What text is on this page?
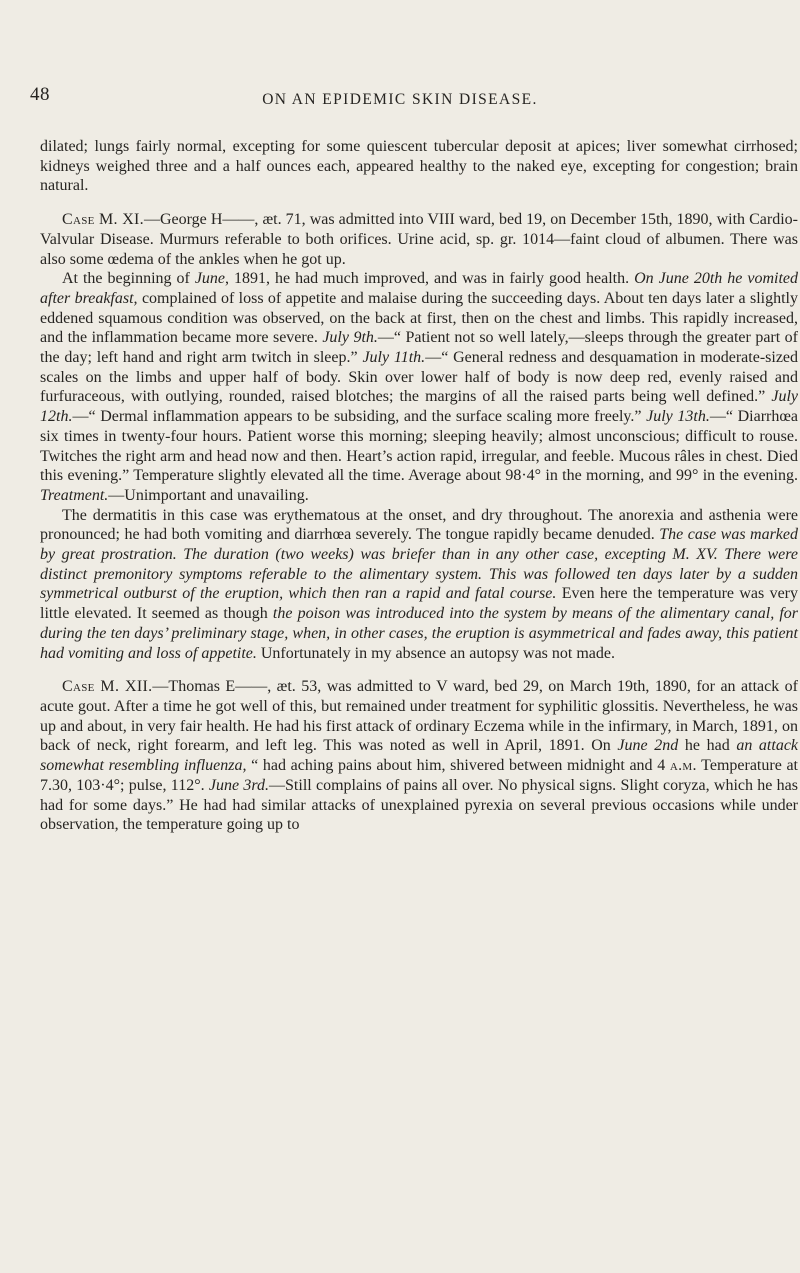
48	ON AN EPIDEMIC SKIN DISEASE.

dilated; lungs fairly normal, excepting for some quiescent tubercular deposit at apices; liver somewhat cirrhosed; kidneys weighed three and a half ounces each, appeared healthy to the naked eye, excepting for congestion; brain natural.

Case M. XI.—George H——, æt. 71, was admitted into VIII ward, bed 19, on December 15th, 1890, with Cardio-Valvular Disease. Murmurs referable to both orifices. Urine acid, sp. gr. 1014—faint cloud of albumen. There was also some œdema of the ankles when he got up.

At the beginning of June, 1891, he had much improved, and was in fairly good health. On June 20th he vomited after breakfast, complained of loss of appetite and malaise during the succeeding days. About ten days later a slightly eddened squamous condition was observed, on the back at first, then on the chest and limbs. This rapidly increased, and the inflammation became more severe. July 9th.—“ Patient not so well lately,—sleeps through the greater part of the day; left hand and right arm twitch in sleep.” July 11th.—“ General redness and desquamation in moderate-sized scales on the limbs and upper half of body. Skin over lower half of body is now deep red, evenly raised and furfuraceous, with outlying, rounded, raised blotches; the margins of all the raised parts being well defined.” July 12th.—“ Dermal inflammation appears to be subsiding, and the surface scaling more freely.” July 13th.—“ Diarrhœa six times in twenty-four hours. Patient worse this morning; sleeping heavily; almost unconscious; difficult to rouse. Twitches the right arm and head now and then. Heart’s action rapid, irregular, and feeble. Mucous râles in chest. Died this evening.” Temperature slightly elevated all the time. Average about 98·4° in the morning, and 99° in the evening. Treatment.—Unimportant and unavailing.

The dermatitis in this case was erythematous at the onset, and dry throughout. The anorexia and asthenia were pronounced; he had both vomiting and diarrhœa severely. The tongue rapidly became denuded. The case was marked by great prostration. The duration (two weeks) was briefer than in any other case, excepting M. XV. There were distinct premonitory symptoms referable to the alimentary system. This was followed ten days later by a sudden symmetrical outburst of the eruption, which then ran a rapid and fatal course. Even here the temperature was very little elevated. It seemed as though the poison was introduced into the system by means of the alimentary canal, for during the ten days’ preliminary stage, when, in other cases, the eruption is asymmetrical and fades away, this patient had vomiting and loss of appetite. Unfortunately in my absence an autopsy was not made.

Case M. XII.—Thomas E——, æt. 53, was admitted to V ward, bed 29, on March 19th, 1890, for an attack of acute gout. After a time he got well of this, but remained under treatment for syphilitic glossitis. Nevertheless, he was up and about, in very fair health. He had his first attack of ordinary Eczema while in the infirmary, in March, 1891, on back of neck, right forearm, and left leg. This was noted as well in April, 1891. On June 2nd he had an attack somewhat resembling influenza, “ had aching pains about him, shivered between midnight and 4 a.m. Temperature at 7.30, 103·4°; pulse, 112°. June 3rd.—Still complains of pains all over. No physical signs. Slight coryza, which he has had for some days.” He had had similar attacks of unexplained pyrexia on several previous occasions while under observation, the temperature going up to
